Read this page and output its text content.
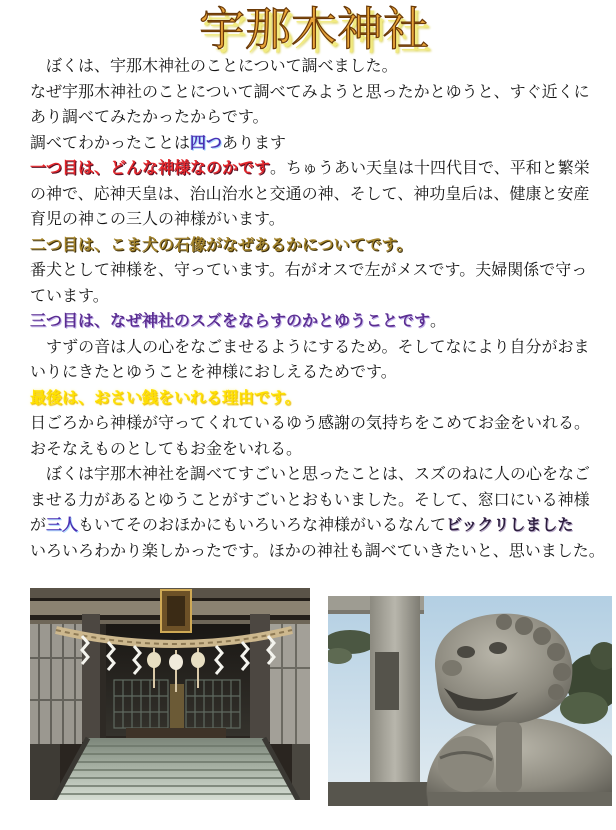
宇那木神社
　ぼくは、宇那木神社のことについて調べました。
なぜ宇那木神社のことについて調べてみようと思ったかとゆうと、すぐ近くに
あり調べてみたかったからです。
調べてわかったことは四つあります
一つ目は、どんな神様なのかです。ちゅうあい天皇は十四代目で、平和と繁栄
の神で、応神天皇は、治山治水と交通の神、そして、神功皇后は、健康と安産
育児の神この三人の神様がいます。
二つ目は、こま犬の石像がなぜあるかについてです。
番犬として神様を、守っています。右がオスで左がメスです。夫婦関係で守っ
ています。
三つ目は、なぜ神社のスズをならすのかとゆうことです。
　すずの音は人の心をなごませるようにするため。そしてなにより自分がおま
いりにきたとゆうことを神様におしえるためです。
最後は、おさい銭をいれる理由です。
日ごろから神様が守ってくれているゆう感謝の気持ちをこめてお金をいれる。
おそなえものとしてもお金をいれる。
　ぼくは宇那木神社を調べてすごいと思ったことは、スズのねに人の心をなご
ませる力があるとゆうことがすごいとおもいました。そして、窓口にいる神様
が三人もいてそのおほかにもいろいろな神様がいるなんてビックリしました
いろいろわかり楽しかったです。ほかの神社も調べていきたいと、思いました。
